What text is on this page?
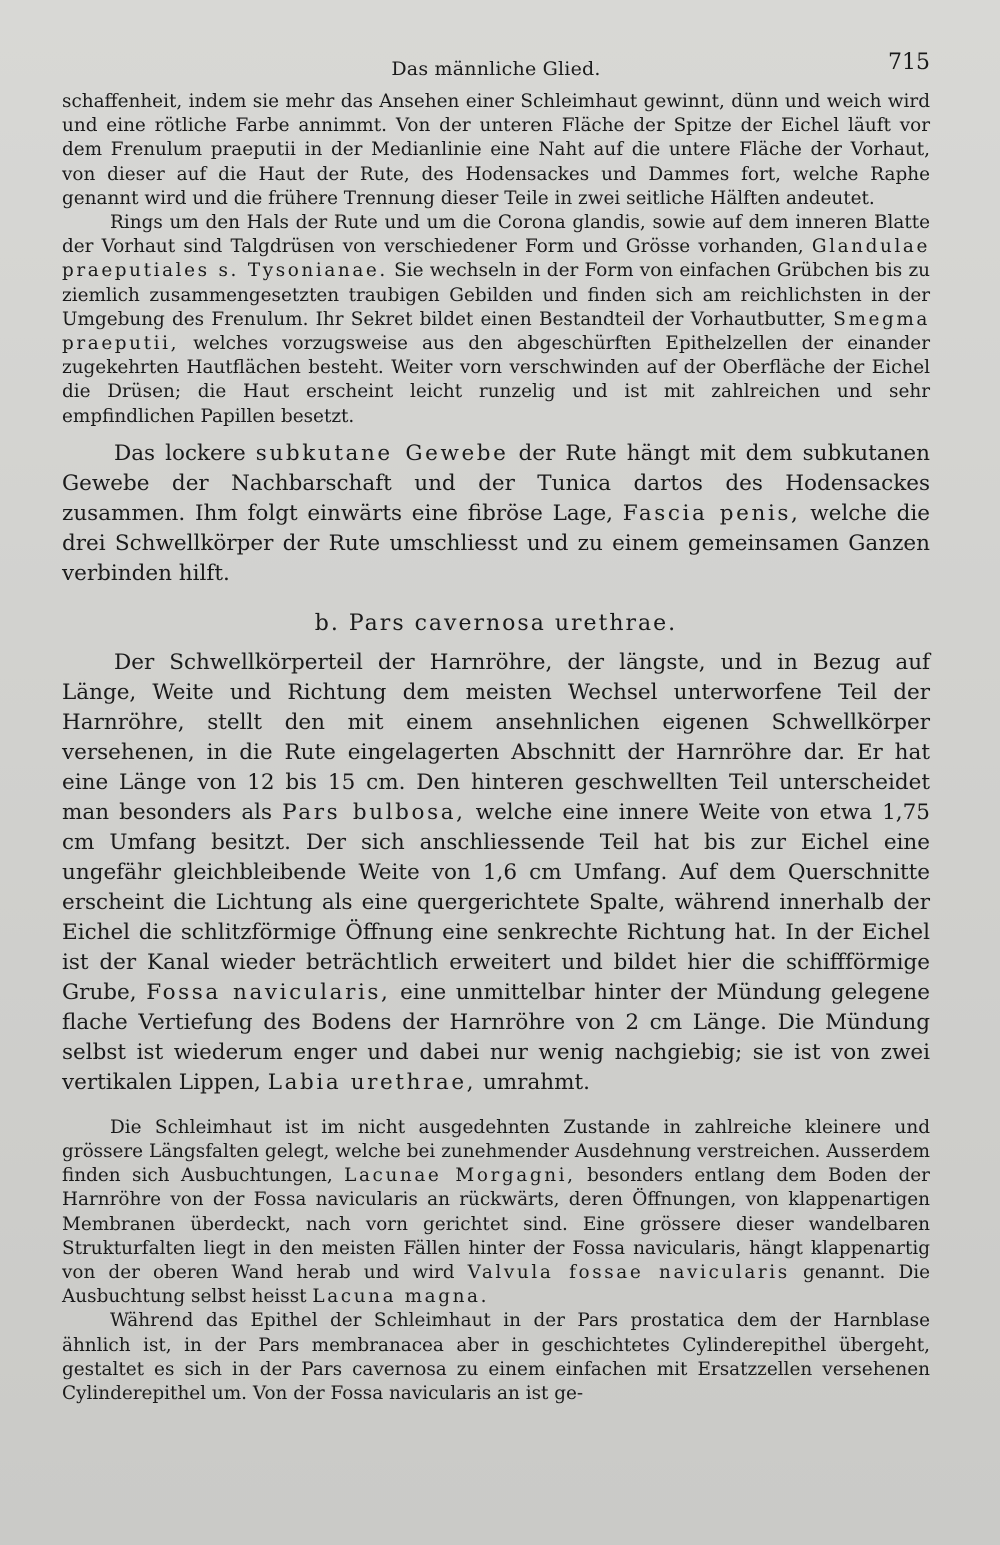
Das männliche Glied.	715

schaffenheit, indem sie mehr das Ansehen einer Schleimhaut gewinnt, dünn und weich wird und eine rötliche Farbe annimmt. Von der unteren Fläche der Spitze der Eichel läuft vor dem Frenulum praeputii in der Medianlinie eine Naht auf die untere Fläche der Vorhaut, von dieser auf die Haut der Rute, des Hodensackes und Dammes fort, welche Raphe genannt wird und die frühere Trennung dieser Teile in zwei seitliche Hälften andeutet.

Rings um den Hals der Rute und um die Corona glandis, sowie auf dem inneren Blatte der Vorhaut sind Talgdrüsen von verschiedener Form und Grösse vorhanden, Glandulae praeputiales s. Tysonianae. Sie wechseln in der Form von einfachen Grübchen bis zu ziemlich zusammengesetzten traubigen Gebilden und finden sich am reichlichsten in der Umgebung des Frenulum. Ihr Sekret bildet einen Bestandteil der Vorhautbutter, Smegma praeputii, welches vorzugsweise aus den abgeschürften Epithelzellen der einander zugekehrten Hautflächen besteht. Weiter vorn verschwinden auf der Oberfläche der Eichel die Drüsen; die Haut erscheint leicht runzelig und ist mit zahlreichen und sehr empfindlichen Papillen besetzt.

Das lockere subkutane Gewebe der Rute hängt mit dem subkutanen Gewebe der Nachbarschaft und der Tunica dartos des Hodensackes zusammen. Ihm folgt einwärts eine fibröse Lage, Fascia penis, welche die drei Schwellkörper der Rute umschliesst und zu einem gemeinsamen Ganzen verbinden hilft.

b. Pars cavernosa urethrae.

Der Schwellkörperteil der Harnröhre, der längste, und in Bezug auf Länge, Weite und Richtung dem meisten Wechsel unterworfene Teil der Harnröhre, stellt den mit einem ansehnlichen eigenen Schwellkörper versehenen, in die Rute eingelagerten Abschnitt der Harnröhre dar. Er hat eine Länge von 12 bis 15 cm. Den hinteren geschwellten Teil unterscheidet man besonders als Pars bulbosa, welche eine innere Weite von etwa 1,75 cm Umfang besitzt. Der sich anschliessende Teil hat bis zur Eichel eine ungefähr gleichbleibende Weite von 1,6 cm Umfang. Auf dem Querschnitte erscheint die Lichtung als eine quergerichtete Spalte, während innerhalb der Eichel die schlitzförmige Öffnung eine senkrechte Richtung hat. In der Eichel ist der Kanal wieder beträchtlich erweitert und bildet hier die schiffförmige Grube, Fossa navicularis, eine unmittelbar hinter der Mündung gelegene flache Vertiefung des Bodens der Harnröhre von 2 cm Länge. Die Mündung selbst ist wiederum enger und dabei nur wenig nachgiebig; sie ist von zwei vertikalen Lippen, Labia urethrae, umrahmt.

Die Schleimhaut ist im nicht ausgedehnten Zustande in zahlreiche kleinere und grössere Längsfalten gelegt, welche bei zunehmender Ausdehnung verstreichen. Ausserdem finden sich Ausbuchtungen, Lacunae Morgagni, besonders entlang dem Boden der Harnröhre von der Fossa navicularis an rückwärts, deren Öffnungen, von klappenartigen Membranen überdeckt, nach vorn gerichtet sind. Eine grössere dieser wandelbaren Strukturfalten liegt in den meisten Fällen hinter der Fossa navicularis, hängt klappenartig von der oberen Wand herab und wird Valvula fossae navicularis genannt. Die Ausbuchtung selbst heisst Lacuna magna.

Während das Epithel der Schleimhaut in der Pars prostatica dem der Harnblase ähnlich ist, in der Pars membranacea aber in geschichtetes Cylinderepithel übergeht, gestaltet es sich in der Pars cavernosa zu einem einfachen mit Ersatzzellen versehenen Cylinderepithel um. Von der Fossa navicularis an ist ge-
